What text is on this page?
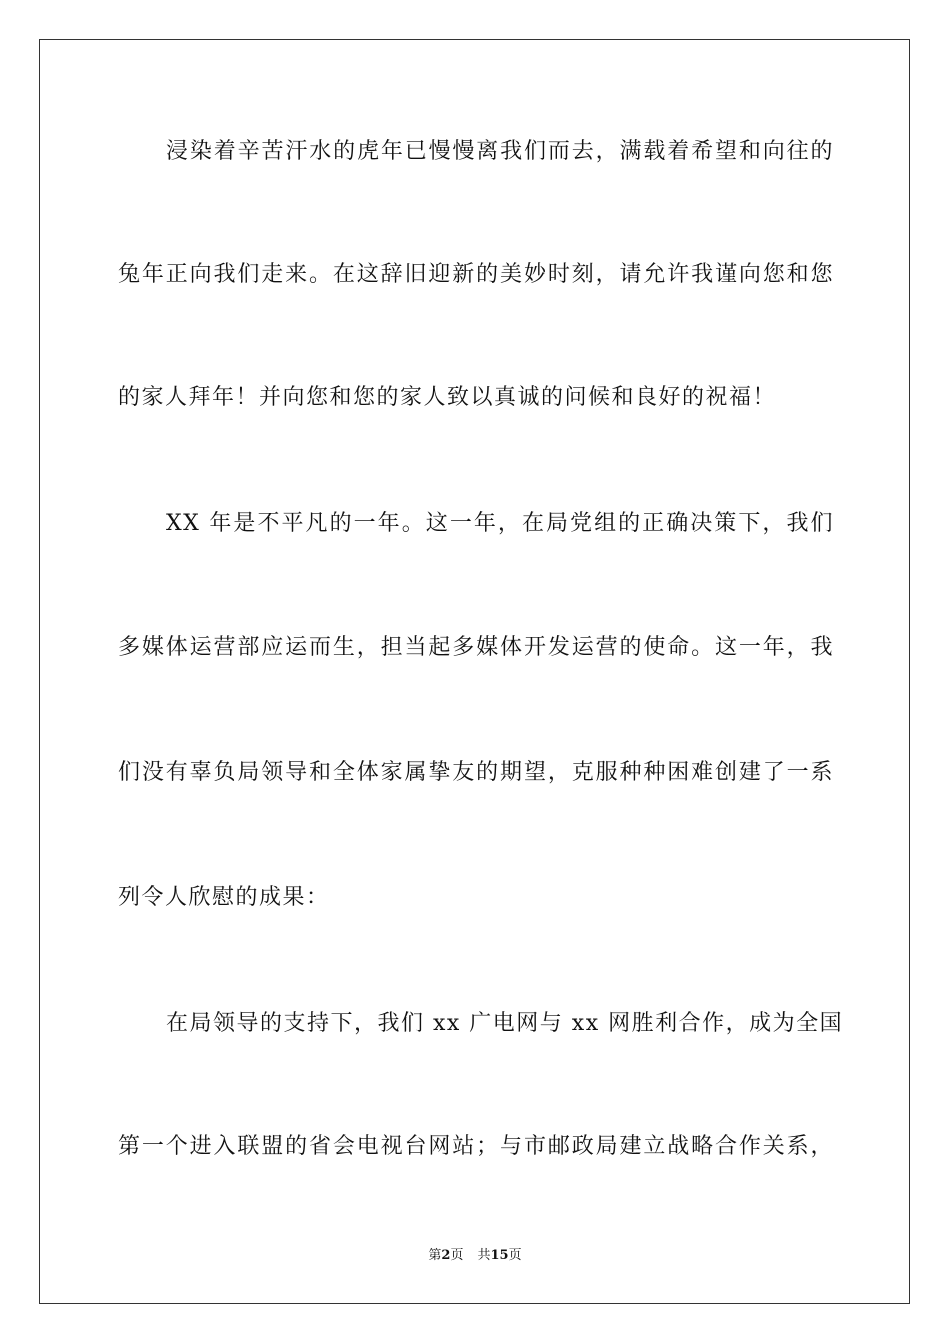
浸染着辛苦汗水的虎年已慢慢离我们而去，满载着希望和向往的
兔年正向我们走来。在这辞旧迎新的美妙时刻，请允许我谨向您和您
的家人拜年！并向您和您的家人致以真诚的问候和良好的祝福！
XX 年是不平凡的一年。这一年，在局党组的正确决策下，我们
多媒体运营部应运而生，担当起多媒体开发运营的使命。这一年，我
们没有辜负局领导和全体家属挚友的期望，克服种种困难创建了一系
列令人欣慰的成果：
在局领导的支持下，我们 xx 广电网与 xx 网胜利合作，成为全国
第一个进入联盟的省会电视台网站；与市邮政局建立战略合作关系，
第2页 共15页
